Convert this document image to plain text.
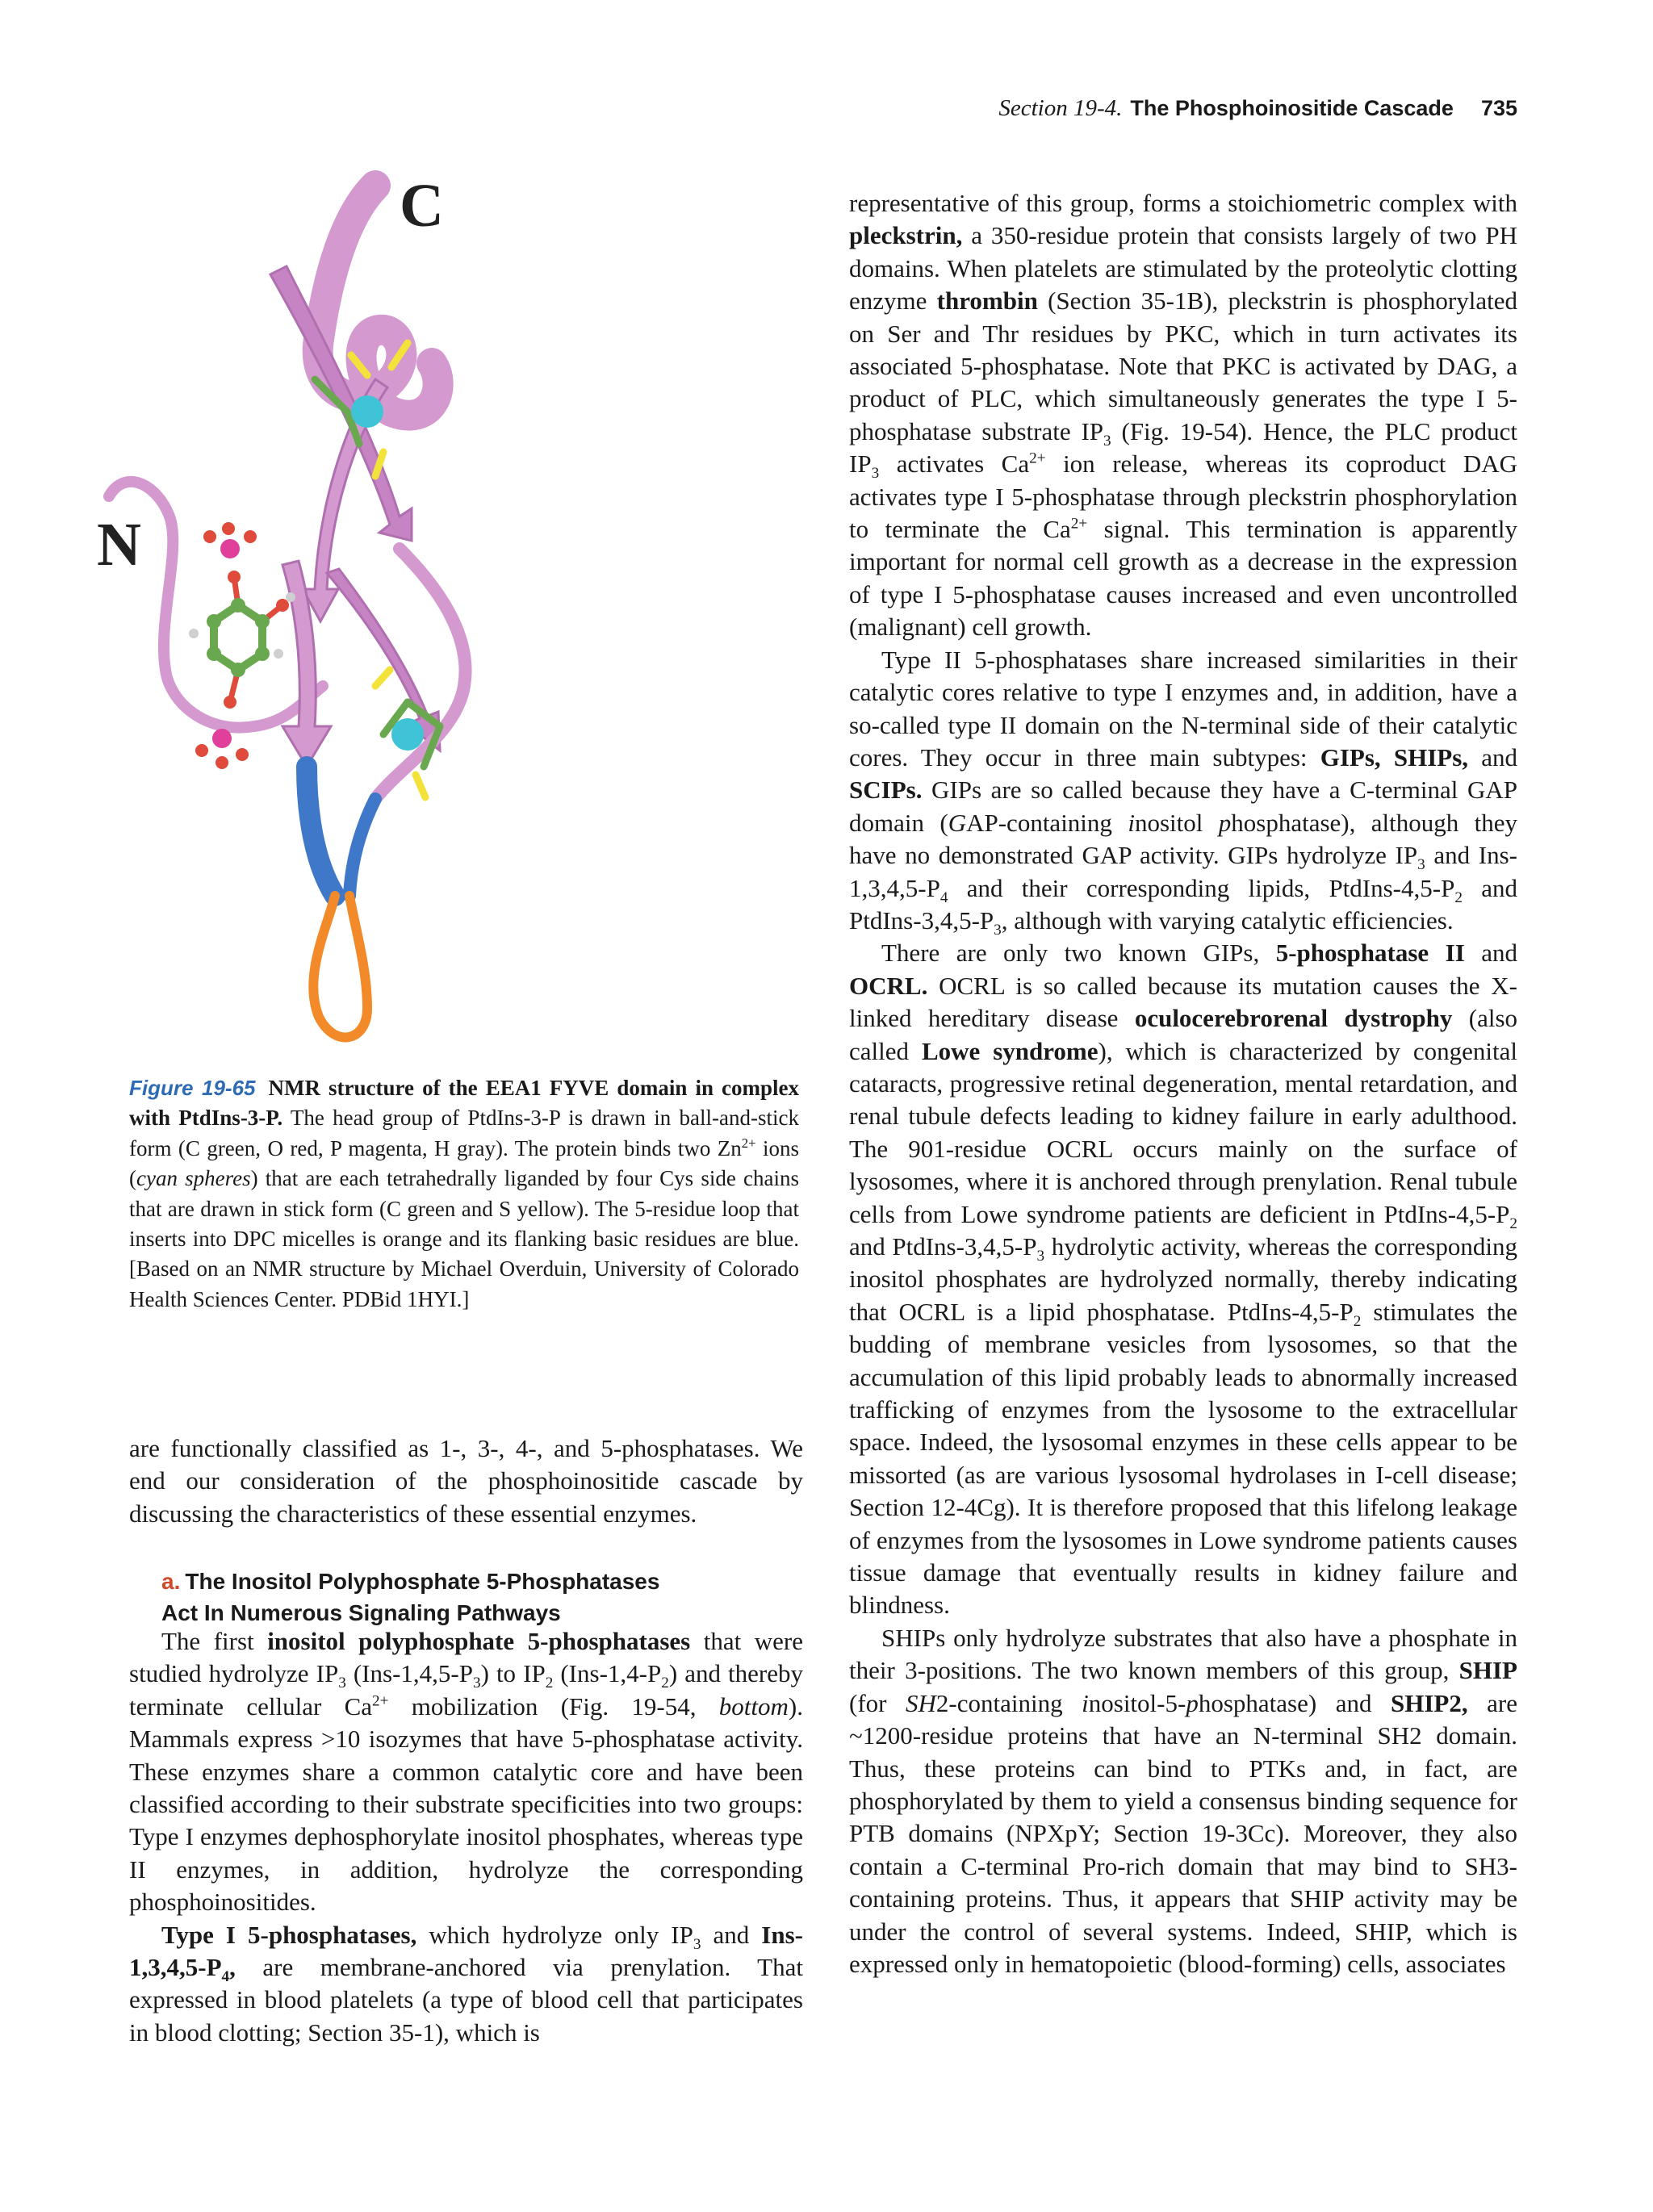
Section 19-4. The Phosphoinositide Cascade 735
C
N
Figure 19-65 NMR structure of the EEA1 FYVE domain in complex with PtdIns-3-P. The head group of PtdIns-3-P is drawn in ball-and-stick form (C green, O red, P magenta, H gray). The protein binds two $Zn^{2+}$ ions (cyan spheres) that are each tetrahedrally liganded by four Cys side chains that are drawn in stick form (C green and S yellow). The 5-residue loop that inserts into DPC micelles is orange and its flanking basic residues are blue. [Based on an NMR structure by Michael Overduin, University of Colorado Health Sciences Center. PDBid 1HYI.]

are functionally classified as 1-, 3-, 4-, and 5-phosphatases. We end our consideration of the phosphoinositide cascade by discussing the characteristics of these essential enzymes.

a. The Inositol Polyphosphate 5-Phosphatases
Act In Numerous Signaling Pathways

The first inositol polyphosphate 5-phosphatases that were studied hydrolyze $IP_3$ $(Ins-1,4,5-P_3)$ to $IP_2$ $(Ins-1,4-P_2)$ and thereby terminate cellular $Ca^{2+}$ mobilization (Fig. 19-54, bottom). Mammals express >10 isozymes that have 5-phosphatase activity. These enzymes share a common catalytic core and have been classified according to their substrate specificities into two groups: Type I enzymes dephosphorylate inositol phosphates, whereas type II enzymes, in addition, hydrolyze the corresponding phosphoinositides.

Type I 5-phosphatases, which hydrolyze only $IP_3$ and Ins-$1,3,4,5-P_4$, are membrane-anchored via prenylation. That expressed in blood platelets (a type of blood cell that participates in blood clotting; Section 35-1), which is

representative of this group, forms a stoichiometric complex with pleckstrin, a 350-residue protein that consists largely of two PH domains. When platelets are stimulated by the proteolytic clotting enzyme thrombin (Section 35-1B), pleckstrin is phosphorylated on Ser and Thr residues by PKC, which in turn activates its associated 5-phosphatase. Note that PKC is activated by DAG, a product of PLC, which simultaneously generates the type I 5-phosphatase substrate $IP_3$ (Fig. 19-54). Hence, the PLC product $IP_3$ activates $Ca^{2+}$ ion release, whereas its coproduct DAG activates type I 5-phosphatase through pleckstrin phosphorylation to terminate the $Ca^{2+}$ signal. This termination is apparently important for normal cell growth as a decrease in the expression of type I 5-phosphatase causes increased and even uncontrolled (malignant) cell growth.

Type II 5-phosphatases share increased similarities in their catalytic cores relative to type I enzymes and, in addition, have a so-called type II domain on the N-terminal side of their catalytic cores. They occur in three main subtypes: GIPs, SHIPs, and SCIPs. GIPs are so called because they have a C-terminal GAP domain (GAP-containing inositol phosphatase), although they have no demonstrated GAP activity. GIPs hydrolyze $IP_3$ and Ins-$1,3,4,5-P_4$ and their corresponding lipids, PtdIns-$4,5-P_2$ and PtdIns-$3,4,5-P_3$, although with varying catalytic efficiencies.

There are only two known GIPs, 5-phosphatase II and OCRL. OCRL is so called because its mutation causes the X-linked hereditary disease oculocerebrorenal dystrophy (also called Lowe syndrome), which is characterized by congenital cataracts, progressive retinal degeneration, mental retardation, and renal tubule defects leading to kidney failure in early adulthood. The 901-residue OCRL occurs mainly on the surface of lysosomes, where it is anchored through prenylation. Renal tubule cells from Lowe syndrome patients are deficient in PtdIns-$4,5-P_2$ and PtdIns-$3,4,5-P_3$ hydrolytic activity, whereas the corresponding inositol phosphates are hydrolyzed normally, thereby indicating that OCRL is a lipid phosphatase. PtdIns-$4,5-P_2$ stimulates the budding of membrane vesicles from lysosomes, so that the accumulation of this lipid probably leads to abnormally increased trafficking of enzymes from the lysosome to the extracellular space. Indeed, the lysosomal enzymes in these cells appear to be missorted (as are various lysosomal hydrolases in I-cell disease; Section 12-4Cg). It is therefore proposed that this lifelong leakage of enzymes from the lysosomes in Lowe syndrome patients causes tissue damage that eventually results in kidney failure and blindness.

SHIPs only hydrolyze substrates that also have a phosphate in their 3-positions. The two known members of this group, SHIP (for SH2-containing inositol-5-phosphatase) and SHIP2, are ~1200-residue proteins that have an N-terminal SH2 domain. Thus, these proteins can bind to PTKs and, in fact, are phosphorylated by them to yield a consensus binding sequence for PTB domains (NPXpY; Section 19-3Cc). Moreover, they also contain a C-terminal Pro-rich domain that may bind to SH3-containing proteins. Thus, it appears that SHIP activity may be under the control of several systems. Indeed, SHIP, which is expressed only in hematopoietic (blood-forming) cells, associates
